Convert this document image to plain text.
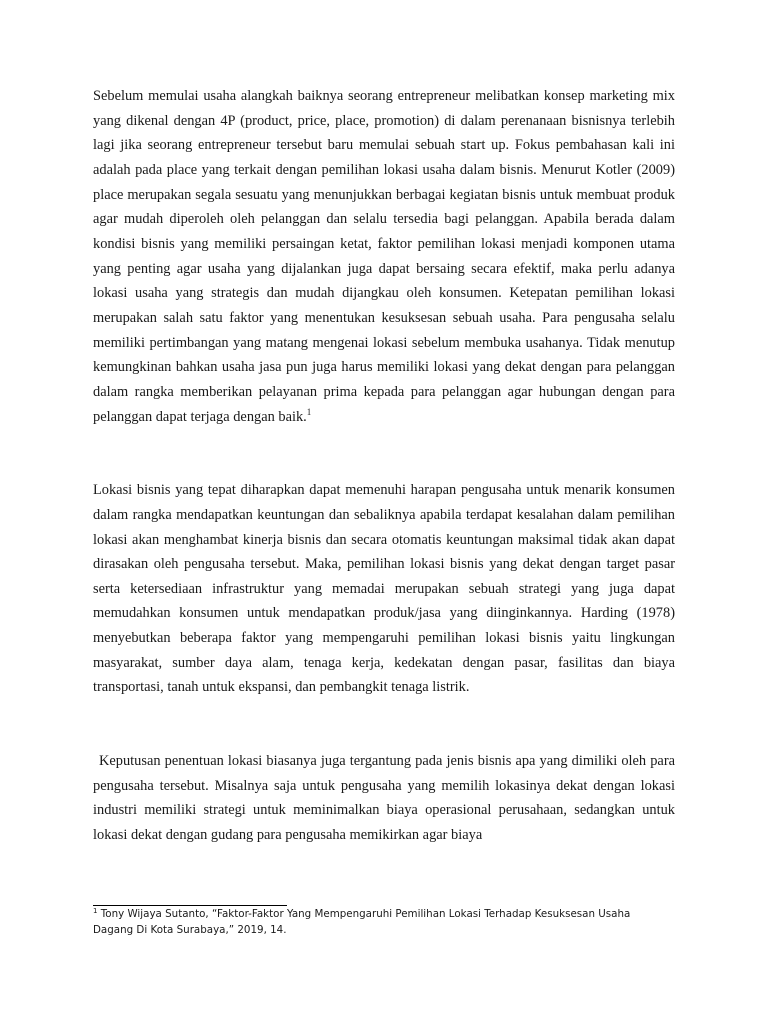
Sebelum memulai usaha alangkah baiknya seorang entrepreneur melibatkan konsep marketing mix yang dikenal dengan 4P (product, price, place, promotion) di dalam perenanaan bisnisnya terlebih lagi jika seorang entrepreneur tersebut baru memulai sebuah start up. Fokus pembahasan kali ini adalah pada place yang terkait dengan pemilihan lokasi usaha dalam bisnis. Menurut Kotler (2009) place merupakan segala sesuatu yang menunjukkan berbagai kegiatan bisnis untuk membuat produk agar mudah diperoleh oleh pelanggan dan selalu tersedia bagi pelanggan. Apabila berada dalam kondisi bisnis yang memiliki persaingan ketat, faktor pemilihan lokasi menjadi komponen utama yang penting agar usaha yang dijalankan juga dapat bersaing secara efektif, maka perlu adanya lokasi usaha yang strategis dan mudah dijangkau oleh konsumen. Ketepatan pemilihan lokasi merupakan salah satu faktor yang menentukan kesuksesan sebuah usaha. Para pengusaha selalu memiliki pertimbangan yang matang mengenai lokasi sebelum membuka usahanya. Tidak menutup kemungkinan bahkan usaha jasa pun juga harus memiliki lokasi yang dekat dengan para pelanggan dalam rangka memberikan pelayanan prima kepada para pelanggan agar hubungan dengan para pelanggan dapat terjaga dengan baik.$^1$

Lokasi bisnis yang tepat diharapkan dapat memenuhi harapan pengusaha untuk menarik konsumen dalam rangka mendapatkan keuntungan dan sebaliknya apabila terdapat kesalahan dalam pemilihan lokasi akan menghambat kinerja bisnis dan secara otomatis keuntungan maksimal tidak akan dapat dirasakan oleh pengusaha tersebut. Maka, pemilihan lokasi bisnis yang dekat dengan target pasar serta ketersediaan infrastruktur yang memadai merupakan sebuah strategi yang juga dapat memudahkan konsumen untuk mendapatkan produk/jasa yang diinginkannya. Harding (1978) menyebutkan beberapa faktor yang mempengaruhi pemilihan lokasi bisnis yaitu lingkungan masyarakat, sumber daya alam, tenaga kerja, kedekatan dengan pasar, fasilitas dan biaya transportasi, tanah untuk ekspansi, dan pembangkit tenaga listrik.

Keputusan penentuan lokasi biasanya juga tergantung pada jenis bisnis apa yang dimiliki oleh para pengusaha tersebut. Misalnya saja untuk pengusaha yang memilih lokasinya dekat dengan lokasi industri memiliki strategi untuk meminimalkan biaya operasional perusahaan, sedangkan untuk lokasi dekat dengan gudang para pengusaha memikirkan agar biaya

$^1$ Tony Wijaya Sutanto, “Faktor-Faktor Yang Mempengaruhi Pemilihan Lokasi Terhadap Kesuksesan Usaha Dagang Di Kota Surabaya,” 2019, 14.
